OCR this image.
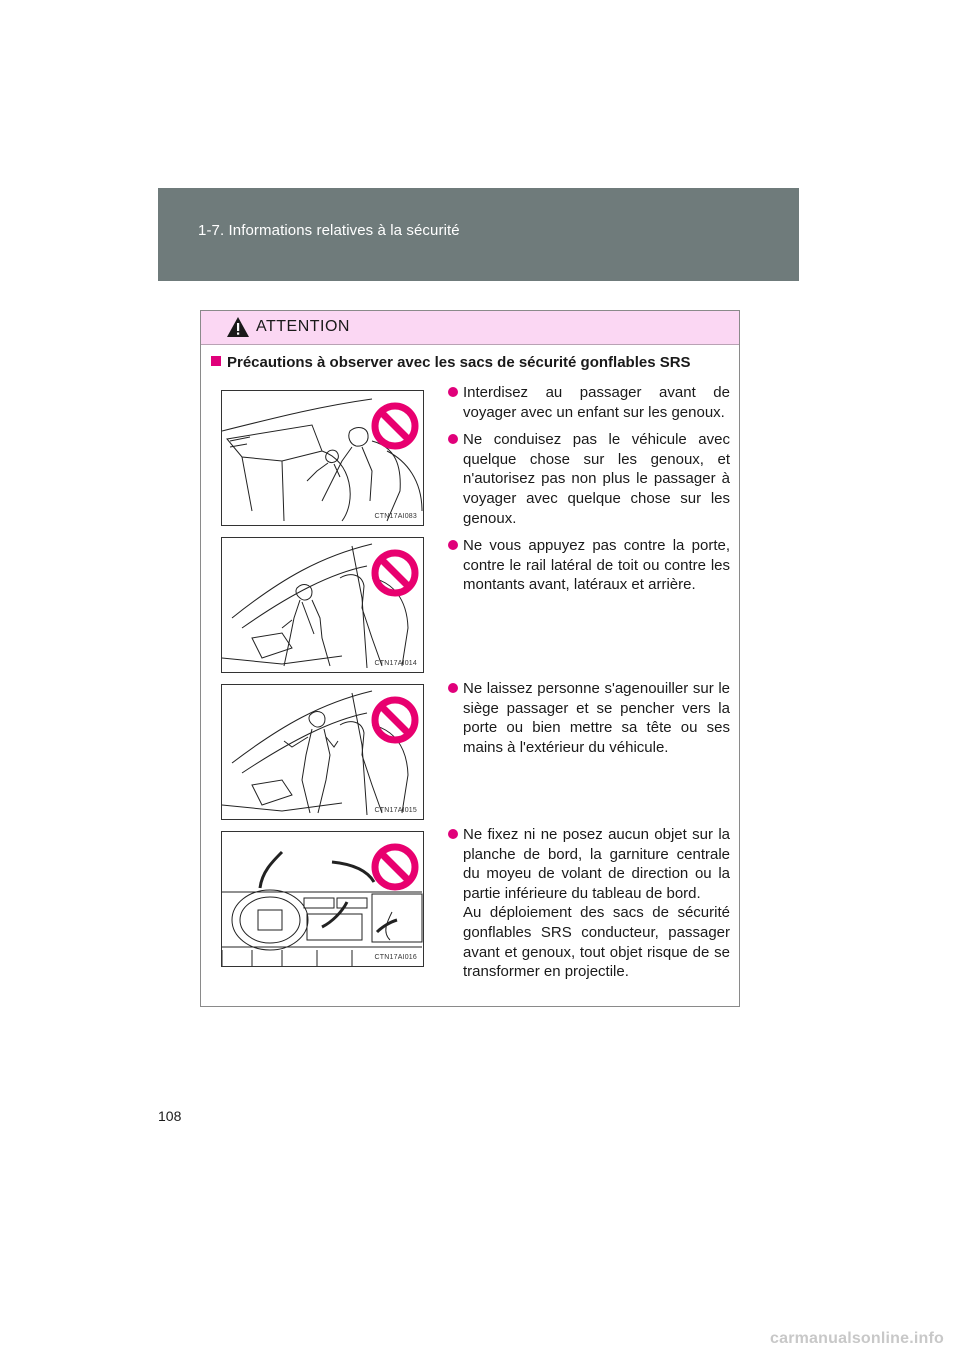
1-7. Informations relatives à la sécurité
ATTENTION
Précautions à observer avec les sacs de sécurité gonflables SRS
CTN17AI083
CTN17AI014
CTN17AI015
CTN17AI016

Interdisez au passager avant de voyager avec un enfant sur les genoux.

Ne conduisez pas le véhicule avec quelque chose sur les genoux, et n'autorisez pas non plus le passager à voyager avec quelque chose sur les genoux.

Ne vous appuyez pas contre la porte, contre le rail latéral de toit ou contre les montants avant, latéraux et arrière.

Ne laissez personne s'agenouiller sur le siège passager et se pencher vers la porte ou bien mettre sa tête ou ses mains à l'extérieur du véhicule.

Ne fixez ni ne posez aucun objet sur la planche de bord, la garniture centrale du moyeu de volant de direction ou la partie inférieure du tableau de bord.

Au déploiement des sacs de sécurité gonflables SRS conducteur, passager avant et genoux, tout objet risque de se transformer en projectile.

108
carmanualsonline.info
